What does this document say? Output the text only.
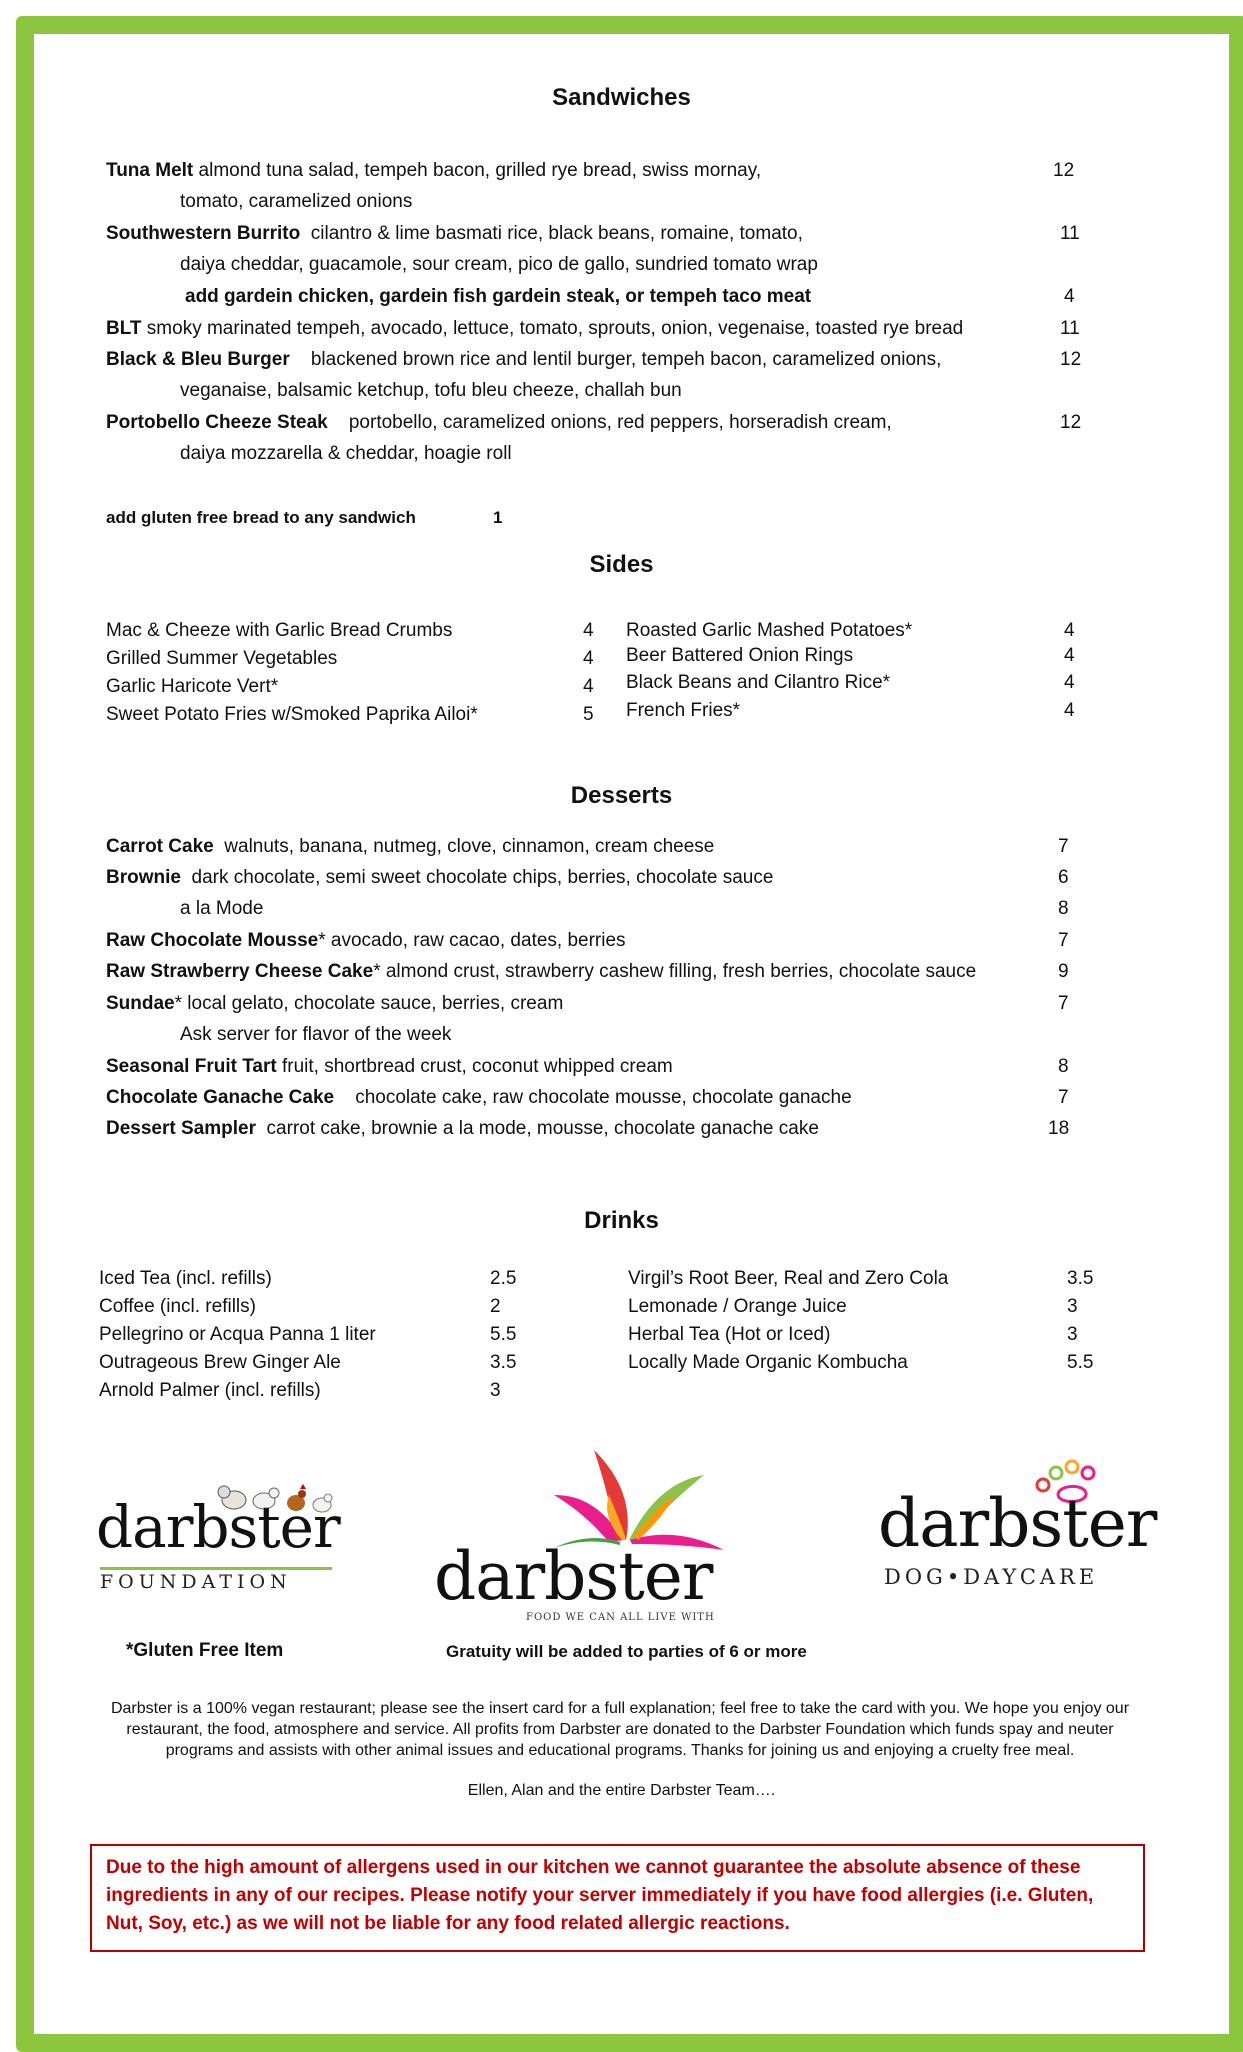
Sandwiches
Tuna Melt almond tuna salad, tempeh bacon, grilled rye bread, swiss mornay,	12
tomato, caramelized onions
Southwestern Burrito cilantro & lime basmati rice, black beans, romaine, tomato,	11
daiya cheddar, guacamole, sour cream, pico de gallo, sundried tomato wrap
add gardein chicken, gardein fish gardein steak, or tempeh taco meat	4
BLT smoky marinated tempeh, avocado, lettuce, tomato, sprouts, onion, vegenaise, toasted rye bread	11
Black & Bleu Burger blackened brown rice and lentil burger, tempeh bacon, caramelized onions,	12
veganaise, balsamic ketchup, tofu bleu cheeze, challah bun
Portobello Cheeze Steak portobello, caramelized onions, red peppers, horseradish cream,	12
daiya mozzarella & cheddar, hoagie roll
add gluten free bread to any sandwich	1
Sides
Mac & Cheeze with Garlic Bread Crumbs	4
Grilled Summer Vegetables	4
Garlic Haricote Vert*	4
Sweet Potato Fries w/Smoked Paprika Ailoi*	5
Roasted Garlic Mashed Potatoes*	4
Beer Battered Onion Rings	4
Black Beans and Cilantro Rice*	4
French Fries*	4
Desserts
Carrot Cake walnuts, banana, nutmeg, clove, cinnamon, cream cheese	7
Brownie dark chocolate, semi sweet chocolate chips, berries, chocolate sauce	6
a la Mode	8
Raw Chocolate Mousse* avocado, raw cacao, dates, berries	7
Raw Strawberry Cheese Cake* almond crust, strawberry cashew filling, fresh berries, chocolate sauce	9
Sundae* local gelato, chocolate sauce, berries, cream	7
Ask server for flavor of the week
Seasonal Fruit Tart fruit, shortbread crust, coconut whipped cream	8
Chocolate Ganache Cake chocolate cake, raw chocolate mousse, chocolate ganache	7
Dessert Sampler carrot cake, brownie a la mode, mousse, chocolate ganache cake	18
Drinks
Iced Tea (incl. refills)	2.5
Coffee (incl. refills)	2
Pellegrino or Acqua Panna 1 liter	5.5
Outrageous Brew Ginger Ale	3.5
Arnold Palmer (incl. refills)	3
Virgil’s Root Beer, Real and Zero Cola	3.5
Lemonade / Orange Juice	3
Herbal Tea (Hot or Iced)	3
Locally Made Organic Kombucha	5.5
darbster
FOUNDATION darbster
FOOD WE CAN ALL LIVE WITH
darbster
DOG•DAYCARE
*Gluten Free Item	Gratuity will be added to parties of 6 or more
Darbster is a 100% vegan restaurant; please see the insert card for a full explanation; feel free to take the card with you. We hope you enjoy our restaurant, the food, atmosphere and service. All profits from Darbster are donated to the Darbster Foundation which funds spay and neuter programs and assists with other animal issues and educational programs. Thanks for joining us and enjoying a cruelty free meal.
Ellen, Alan and the entire Darbster Team….
Due to the high amount of allergens used in our kitchen we cannot guarantee the absolute absence of these ingredients in any of our recipes. Please notify your server immediately if you have food allergies (i.e. Gluten, Nut, Soy, etc.) as we will not be liable for any food related allergic reactions.
